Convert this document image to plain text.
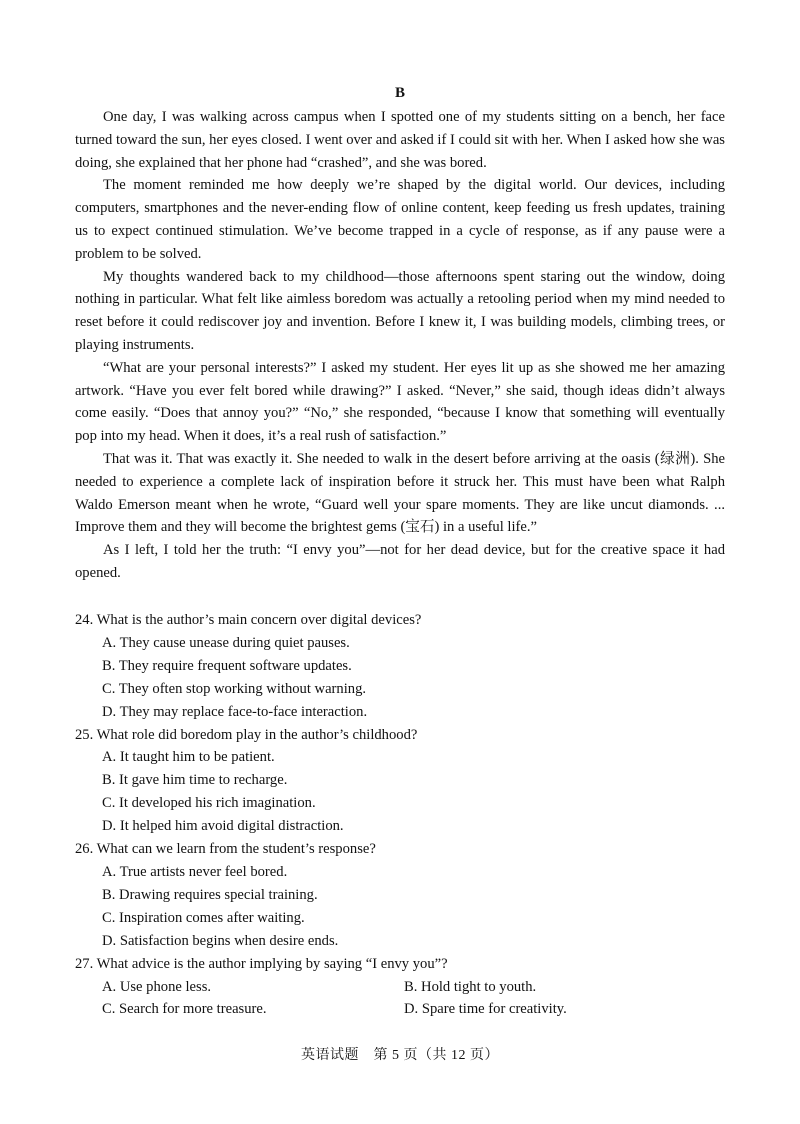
B

One day, I was walking across campus when I spotted one of my students sitting on a bench, her face turned toward the sun, her eyes closed. I went over and asked if I could sit with her. When I asked how she was doing, she explained that her phone had “crashed”, and she was bored.

The moment reminded me how deeply we’re shaped by the digital world. Our devices, including computers, smartphones and the never-ending flow of online content, keep feeding us fresh updates, training us to expect continued stimulation. We’ve become trapped in a cycle of response, as if any pause were a problem to be solved.

My thoughts wandered back to my childhood—those afternoons spent staring out the window, doing nothing in particular. What felt like aimless boredom was actually a retooling period when my mind needed to reset before it could rediscover joy and invention. Before I knew it, I was building models, climbing trees, or playing instruments.

“What are your personal interests?” I asked my student. Her eyes lit up as she showed me her amazing artwork. “Have you ever felt bored while drawing?” I asked. “Never,” she said, though ideas didn’t always come easily. “Does that annoy you?” “No,” she responded, “because I know that something will eventually pop into my head. When it does, it’s a real rush of satisfaction.”

That was it. That was exactly it. She needed to walk in the desert before arriving at the oasis (绿洲). She needed to experience a complete lack of inspiration before it struck her. This must have been what Ralph Waldo Emerson meant when he wrote, “Guard well your spare moments. They are like uncut diamonds. ... Improve them and they will become the brightest gems (宝石) in a useful life.”

As I left, I told her the truth: “I envy you”—not for her dead device, but for the creative space it had opened.

24. What is the author’s main concern over digital devices?

A. They cause unease during quiet pauses.
B. They require frequent software updates.
C. They often stop working without warning.
D. They may replace face-to-face interaction.

25. What role did boredom play in the author’s childhood?

A. It taught him to be patient.
B. It gave him time to recharge.
C. It developed his rich imagination.
D. It helped him avoid digital distraction.

26. What can we learn from the student’s response?

A. True artists never feel bored.
B. Drawing requires special training.
C. Inspiration comes after waiting.
D. Satisfaction begins when desire ends.

27. What advice is the author implying by saying “I envy you”?

A. Use phone less.	B. Hold tight to youth. C. Search for more treasure.	D. Spare time for creativity.
英语试题　第 5 页（共 12 页）
